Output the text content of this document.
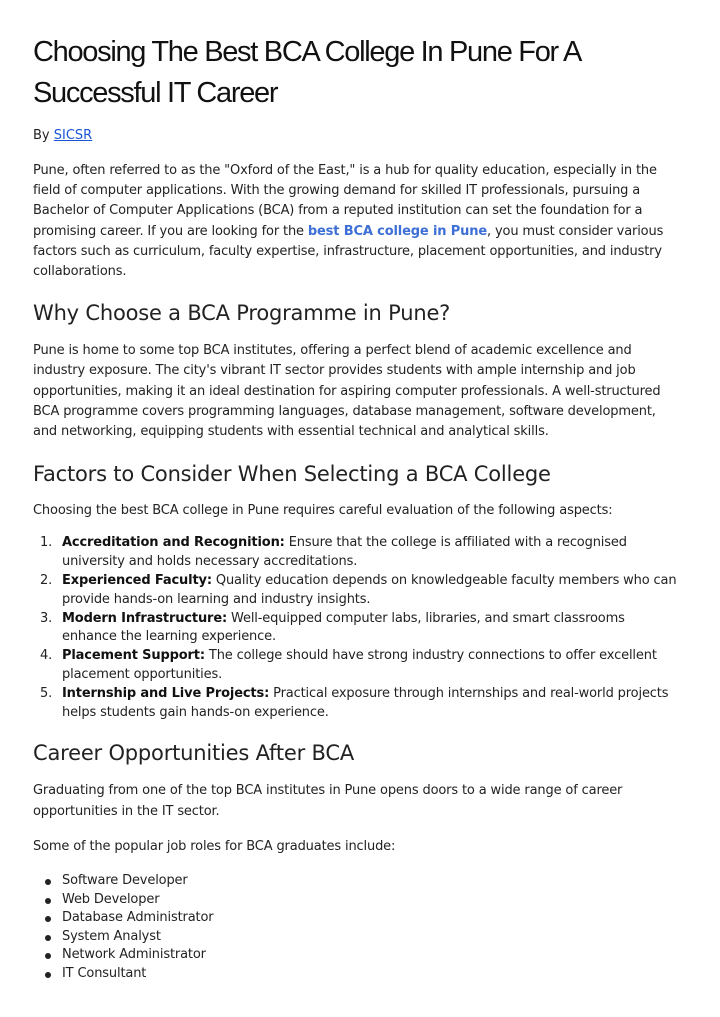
Choosing The Best BCA College In Pune For A Successful IT Career
By SICSR

Pune, often referred to as the "Oxford of the East," is a hub for quality education, especially in the field of computer applications. With the growing demand for skilled IT professionals, pursuing a Bachelor of Computer Applications (BCA) from a reputed institution can set the foundation for a promising career. If you are looking for the best BCA college in Pune, you must consider various factors such as curriculum, faculty expertise, infrastructure, placement opportunities, and industry collaborations.

Why Choose a BCA Programme in Pune?

Pune is home to some top BCA institutes, offering a perfect blend of academic excellence and industry exposure. The city's vibrant IT sector provides students with ample internship and job opportunities, making it an ideal destination for aspiring computer professionals. A well-structured BCA programme covers programming languages, database management, software development, and networking, equipping students with essential technical and analytical skills.

Factors to Consider When Selecting a BCA College

Choosing the best BCA college in Pune requires careful evaluation of the following aspects:

1. Accreditation and Recognition: Ensure that the college is affiliated with a recognised university and holds necessary accreditations.
2. Experienced Faculty: Quality education depends on knowledgeable faculty members who can provide hands-on learning and industry insights.
3. Modern Infrastructure: Well-equipped computer labs, libraries, and smart classrooms enhance the learning experience.
4. Placement Support: The college should have strong industry connections to offer excellent placement opportunities.
5. Internship and Live Projects: Practical exposure through internships and real-world projects helps students gain hands-on experience.
Career Opportunities After BCA

Graduating from one of the top BCA institutes in Pune opens doors to a wide range of career opportunities in the IT sector.

Some of the popular job roles for BCA graduates include:

Software Developer
Web Developer
Database Administrator
System Analyst
Network Administrator
IT Consultant
